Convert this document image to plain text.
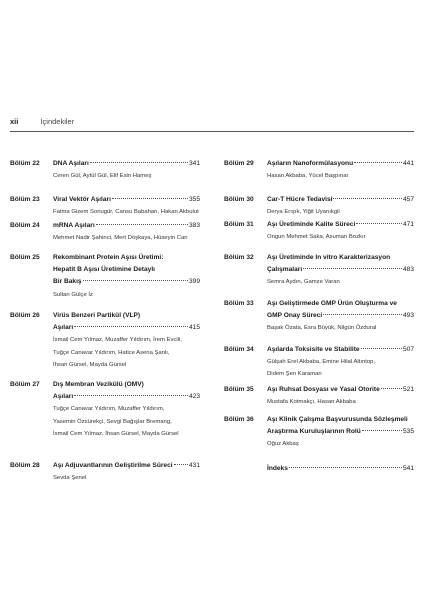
xii	İçindekiler
Bölüm 22	DNA Aşıları	341
Ceren Gül, Aytül Gül, Elif Esin Hameş
Bölüm 23	Viral Vektör Aşıları	355
Fatma Gizem Sonugür, Cansu Babahan, Hakan Akbulut
Bölüm 24	mRNA Aşıları	383
Mehmet Nadir Şahinci, Mert Döşkaya, Hüseyin Can
Bölüm 25	Rekombinant Protein Aşısı Üretimi:
Hepatit B Aşısı Üretimine Detaylı
Bir Bakış	399
Sultan Gülçe İz
Bölüm 26	Virüs Benzeri Partikül (VLP)
Aşıları	415
İsmail Cem Yılmaz, Muzaffer Yıldırım, İrem Evcili,
Tuğçe Canavar Yıldırım, Hatice Asena Şanlı,
İhsan Gürsel, Mayda Gürsel
Bölüm 27	Dış Membran Vezikülü (OMV)
Aşıları	423
Tuğçe Canavar Yıldırım, Muzaffer Yıldırım,
Yasemin Özsürekçi, Sevgi Bağışlar Bremang,
İsmail Cem Yılmaz, İhsan Gürsel, Mayda Gürsel
Bölüm 28	Aşı Adjuvantlarının Geliştirilme Süreci 431
Sevda Şenel
Bölüm 29	Aşıların Nanoformülasyonu	441
Hasan Akbaba, Yücel Başpınar
Bölüm 30	Car-T Hücre Tedavisi	457
Derya Erışık, Yiğit Uyanıkgil
Bölüm 31	Aşı Üretiminde Kalite Süreci	471
Ongun Mehmet Saka, Asuman Bozkır
Bölüm 32	Aşı Üretiminde In vitro Karakterizasyon
Çalışmaları	483
Semra Aydın, Gamze Varan
Bölüm 33	Aşı Geliştirmede GMP Ürün Oluşturma ve
GMP Onay Süreci	493
Başak Özata, Esra Büyük, Nilgün Özdural
Bölüm 34	Aşılarda Toksisite ve Stabilite	507
Gülşah Erel Akbaba, Emine Hilal Altıntop,
Didem Şen Karaman
Bölüm 35	Aşı Ruhsat Dosyası ve Yasal Otorite	521
Mustafa Kotmakçı, Hasan Akbaba
Bölüm 36	Aşı Klinik Çalışma Başvurusunda Sözleşmeli
Araştırma Kuruluşlarının Rolü	535
Oğuz Akbaş
İndeks	541
